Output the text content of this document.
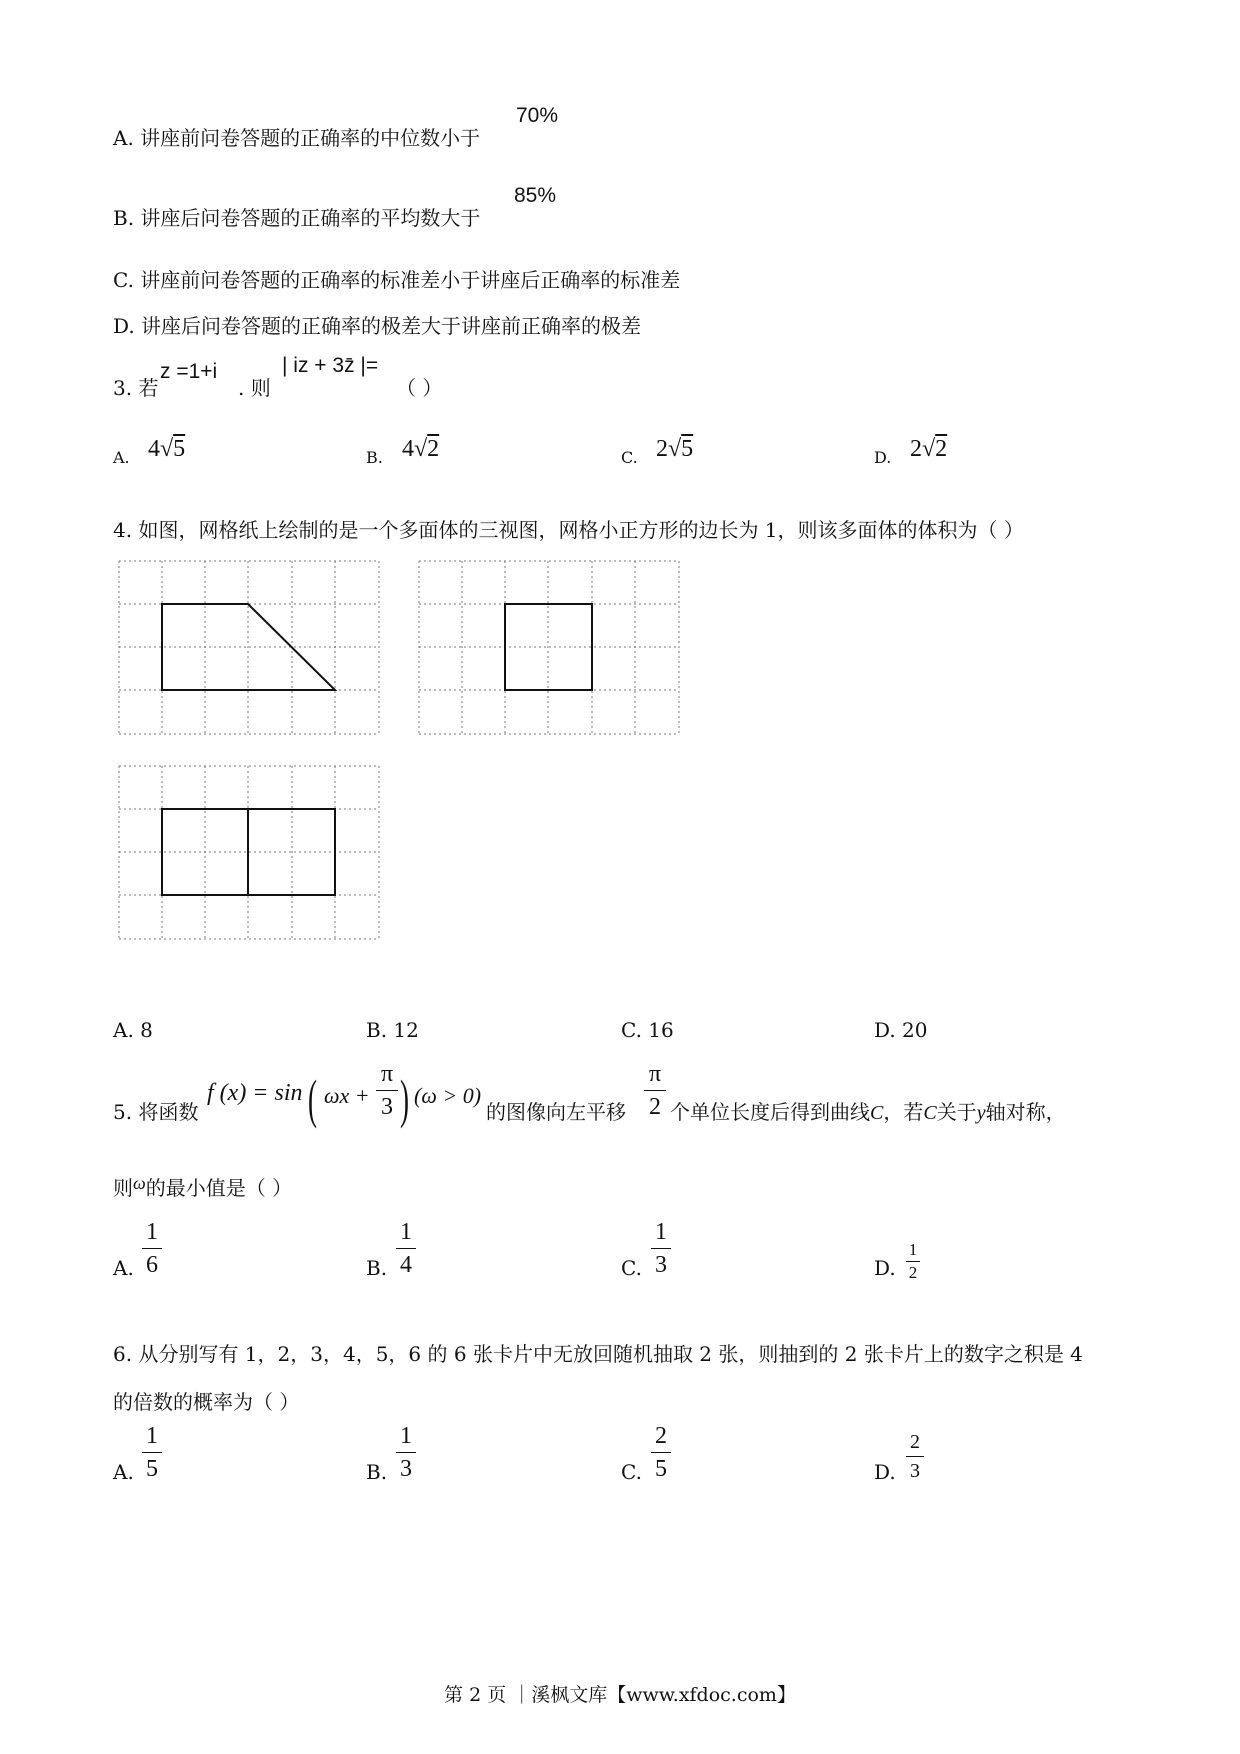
A. 讲座前问卷答题的正确率的中位数小于
70%
B. 讲座后问卷答题的正确率的平均数大于
85%
C. 讲座前问卷答题的正确率的标准差小于讲座后正确率的标准差
D. 讲座后问卷答题的正确率的极差大于讲座前正确率的极差
3. 若
z =1+i
. 则
| iz + 3z̄ |=
（ ）
A. 4√5	B. 4√2	C. 2√5	D. 2√2
4. 如图，网格纸上绘制的是一个多面体的三视图，网格小正方形的边长为 1，则该多面体的体积为（ ）
A. 8	B. 12	C. 16	D. 20
5. 将函数
f (x) = sin ( ωx +
π
3 ) (ω > 0)
的图像向左平移
π
2 个单位长度后得到曲线C，若C关于y轴对称，
则ω的最小值是（ ）
A.
1
6	B.
1
4	C.
1
3	D.
1
2
6. 从分别写有 1，2，3，4，5，6 的 6 张卡片中无放回随机抽取 2 张，则抽到的 2 张卡片上的数字之积是 4
的倍数的概率为（ ）
A.
1
5	B.
1
3	C.
2
5	D.
2
3
第 2 页 ｜溪枫文库【www.xfdoc.com】
